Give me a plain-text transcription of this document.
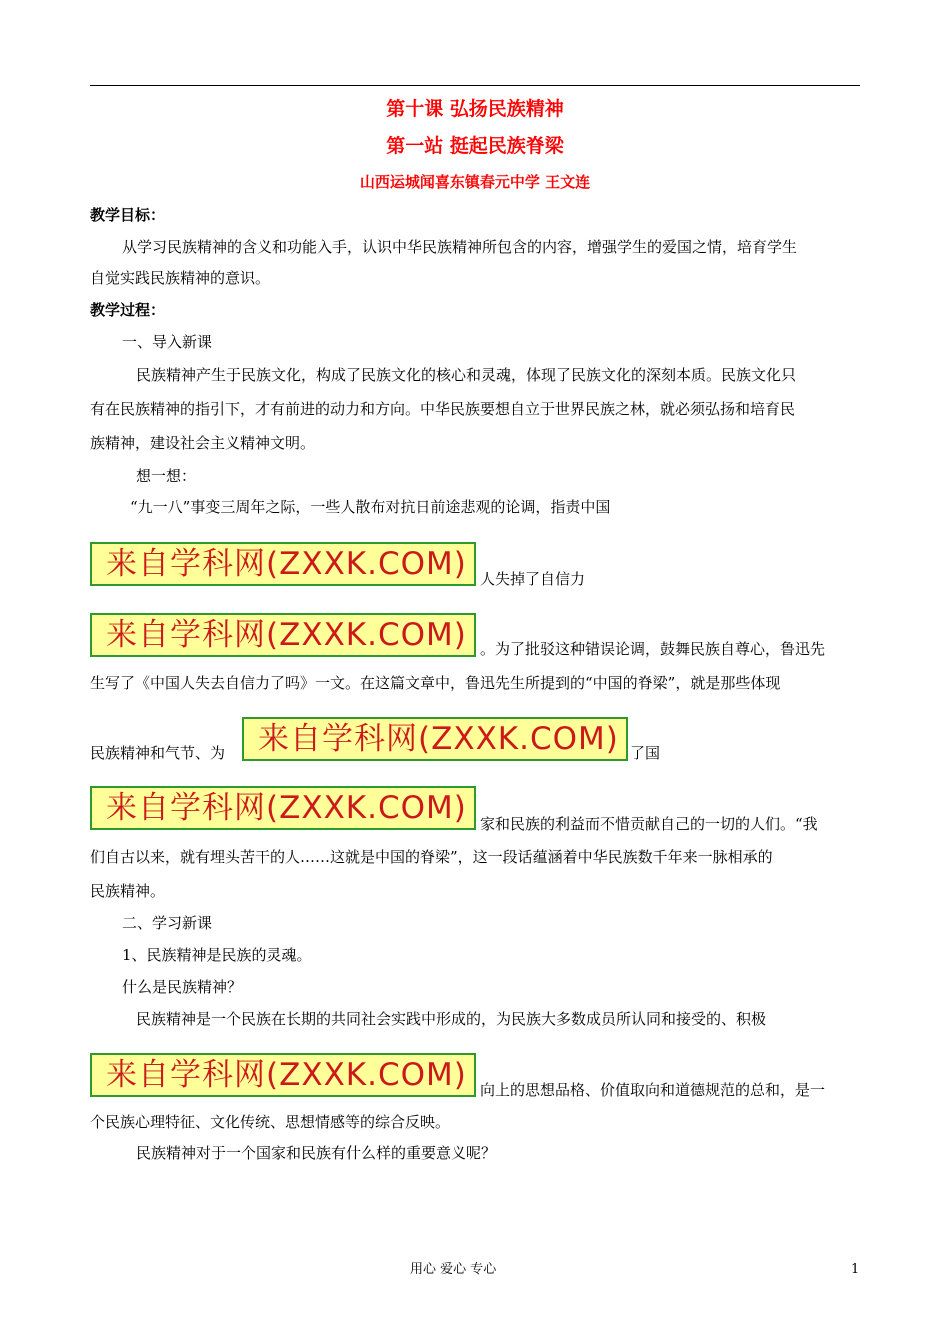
第十课 弘扬民族精神
第一站 挺起民族脊梁
山西运城闻喜东镇春元中学 王文连
教学目标：
从学习民族精神的含义和功能入手，认识中华民族精神所包含的内容，增强学生的爱国之情，培育学生
自觉实践民族精神的意识。
教学过程：
一、导入新课
民族精神产生于民族文化，构成了民族文化的核心和灵魂，体现了民族文化的深刻本质。民族文化只
有在民族精神的指引下，才有前进的动力和方向。中华民族要想自立于世界民族之林，就必须弘扬和培育民
族精神，建设社会主义精神文明。
想一想：
“九一八”事变三周年之际，一些人散布对抗日前途悲观的论调，指责中国
来自学科网(ZXXK.COM) 人失掉了自信力
来自学科网(ZXXK.COM) 。为了批驳这种错误论调，鼓舞民族自尊心，鲁迅先
生写了《中国人失去自信力了吗》一文。在这篇文章中，鲁迅先生所提到的“中国的脊梁”，就是那些体现
民族精神和气节、为	来自学科网(ZXXK.COM) 了国
来自学科网(ZXXK.COM) 家和民族的利益而不惜贡献自己的一切的人们。“我
们自古以来，就有埋头苦干的人……这就是中国的脊梁”，这一段话蕴涵着中华民族数千年来一脉相承的
民族精神。
二、学习新课
1、民族精神是民族的灵魂。
什么是民族精神？
民族精神是一个民族在长期的共同社会实践中形成的，为民族大多数成员所认同和接受的、积极
来自学科网(ZXXK.COM) 向上的思想品格、价值取向和道德规范的总和，是一
个民族心理特征、文化传统、思想情感等的综合反映。
民族精神对于一个国家和民族有什么样的重要意义呢？
用心 爱心 专心	1
